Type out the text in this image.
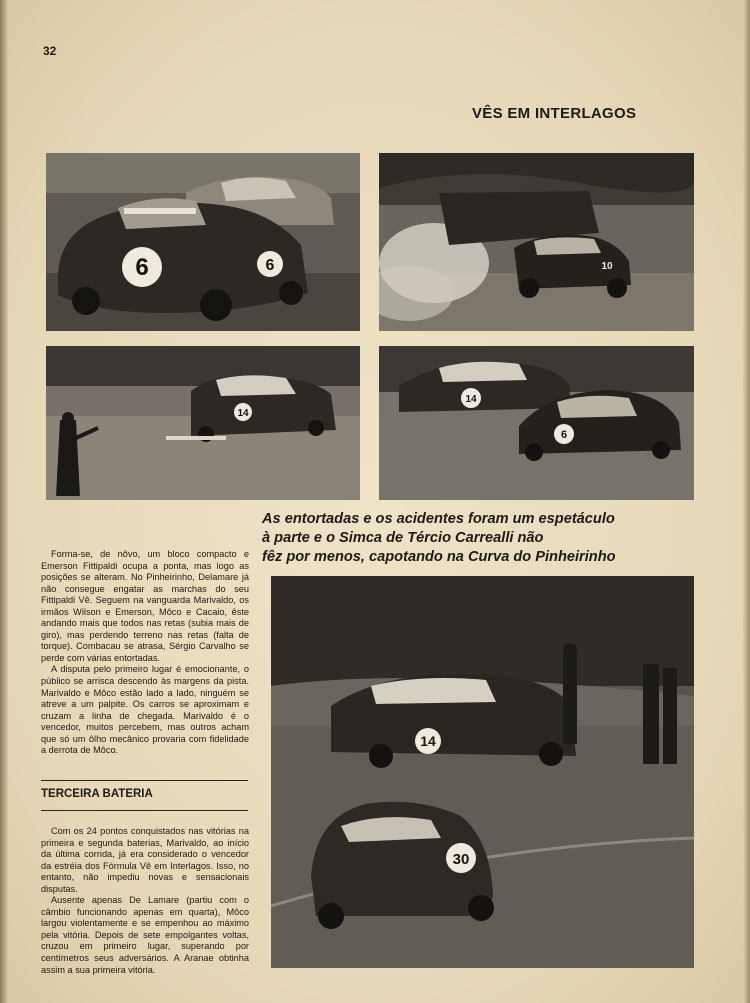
32
VÊS EM INTERLAGOS
6	6	10
14
14
6
As entortadas e os acidentes foram um espetáculo
à parte e o Simca de Tércio Carrealli não
fêz por menos, capotando na Curva do Pinheirinho

Forma-se, de nôvo, um bloco compacto e Emerson Fittipaldi ocupa a ponta, mas logo as posições se alteram. No Pinheirinho, Delamare já não consegue engatar as marchas do seu Fittipaldi Vê. Seguem na vanguarda Marivaldo, os irmãos Wilson e Emerson, Môco e Cacaio, êste andando mais que todos nas retas (subia mais de giro), mas perdendo terreno nas retas (falta de torque). Combacau se atrasa, Sérgio Carvalho se perde com várias entortadas.

A disputa pelo primeiro lugar é emocionante, o público se arrisca descendo às margens da pista. Marivaldo e Môco estão lado a lado, ninguém se atreve a um palpite. Os carros se aproximam e cruzam a linha de chegada. Marivaldo é o vencedor, muitos percebem, mas outros acham que só um ôlho mecânico provaria com fidelidade a derrota de Môco.

TERCEIRA BATERIA

Com os 24 pontos conquistados nas vitórias na primeira e segunda baterias, Marivaldo, ao início da última corrida, já era considerado o vencedor da estréia dos Fórmula Vê em Interlagos. Isso, no entanto, não impediu novas e sensacionais disputas.

Ausente apenas De Lamare (partiu com o câmbio funcionando apenas em quarta), Môco largou violentamente e se empenhou ao máximo pela vitória. Depois de sete empolgantes voltas, cruzou em primeiro lugar, superando por centímetros seus adversários. A Aranae obtinha assim a sua primeira vitória.

14
30
